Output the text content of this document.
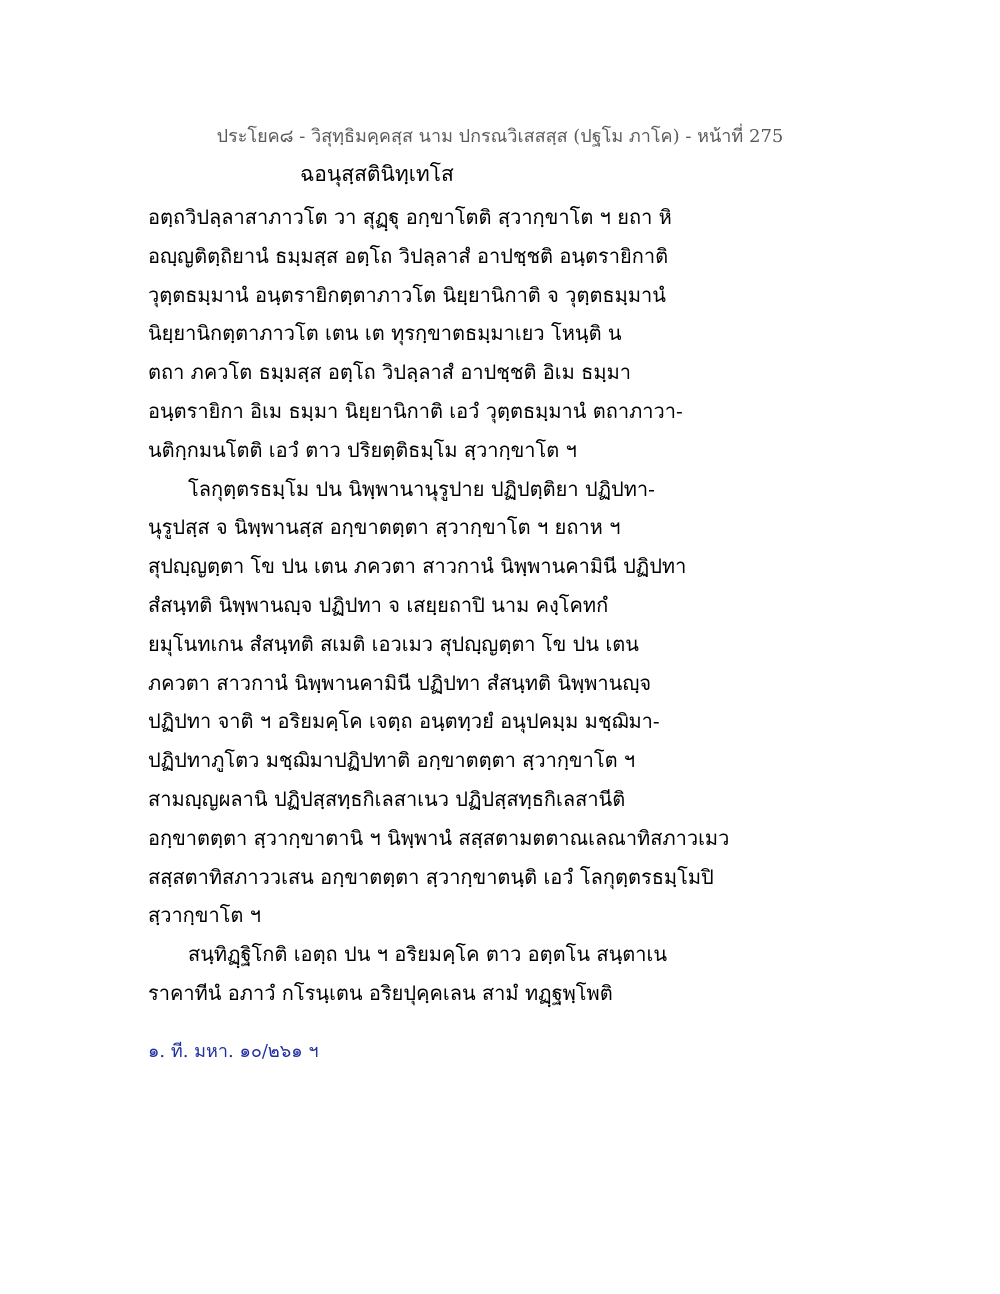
ประโยค๘ - วิสุทฺธิมคฺคสฺส นาม ปกรณวิเสสสฺส (ปฐโม ภาโค) - หน้าที่ 275
ฉอนุสฺสตินิทฺเทโส
อตฺถวิปลฺลาสาภาวโต วา สุฏฺฐุ อกฺขาโตติ สฺวากฺขาโต ฯ ยถา หิ
อญฺญติตฺถิยานํ ธมฺมสฺส อตฺโถ วิปลฺลาสํ อาปชฺชติ อนฺตรายิกาติ
วุตฺตธมฺมานํ อนฺตรายิกตฺตาภาวโต นิยฺยานิกาติ จ วุตฺตธมฺมานํ
นิยฺยานิกตฺตาภาวโต เตน เต ทุรกฺขาตธมฺมาเยว โหนฺติ น
ตถา ภควโต ธมฺมสฺส อตฺโถ วิปลฺลาสํ อาปชฺชติ อิเม ธมฺมา
อนฺตรายิกา อิเม ธมฺมา นิยฺยานิกาติ เอวํ วุตฺตธมฺมานํ ตถาภาวา-
นติกฺกมนโตติ เอวํ ตาว ปริยตฺติธมฺโม สฺวากฺขาโต ฯ
โลกุตฺตรธมฺโม ปน นิพฺพานานุรูปาย ปฏิปตฺติยา ปฏิปทา-
นุรูปสฺส จ นิพฺพานสฺส อกฺขาตตฺตา สฺวากฺขาโต ฯ ยถาห ฯ
สุปญฺญตฺตา โข ปน เตน ภควตา สาวกานํ นิพฺพานคามินี ปฏิปทา
สํสนฺทติ นิพฺพานญฺจ ปฏิปทา จ เสยฺยถาปิ นาม คงฺโคทกํ
ยมุโนทเกน สํสนฺทติ สเมติ เอวเมว สุปญฺญตฺตา โข ปน เตน
ภควตา สาวกานํ นิพฺพานคามินี ปฏิปทา สํสนฺทติ นิพฺพานญฺจ
ปฏิปทา จาติ ฯ อริยมคฺโค เจตฺถ อนฺตทฺวยํ อนุปคมฺม มชฺฌิมา-
ปฏิปทาภูโตว มชฺฌิมาปฏิปทาติ อกฺขาตตฺตา สฺวากฺขาโต ฯ
สามญฺญผลานิ ปฏิปสฺสทฺธกิเลสาเนว ปฏิปสฺสทฺธกิเลสานีติ
อกฺขาตตฺตา สฺวากฺขาตานิ ฯ นิพฺพานํ สสฺสตามตตาณเลณาทิสภาวเมว
สสฺสตาทิสภาววเสน อกฺขาตตฺตา สฺวากฺขาตนฺติ เอวํ โลกุตฺตรธมฺโมปิ
สฺวากฺขาโต ฯ
สนฺทิฏฺฐิโกติ เอตฺถ ปน ฯ อริยมคฺโค ตาว อตฺตโน สนฺตาเน
ราคาทีนํ อภาวํ กโรนฺเตน อริยปุคฺคเลน สามํ ทฏฺฐพฺโพติ
๑. ที. มหา. ๑๐/๒๖๑ ฯ
